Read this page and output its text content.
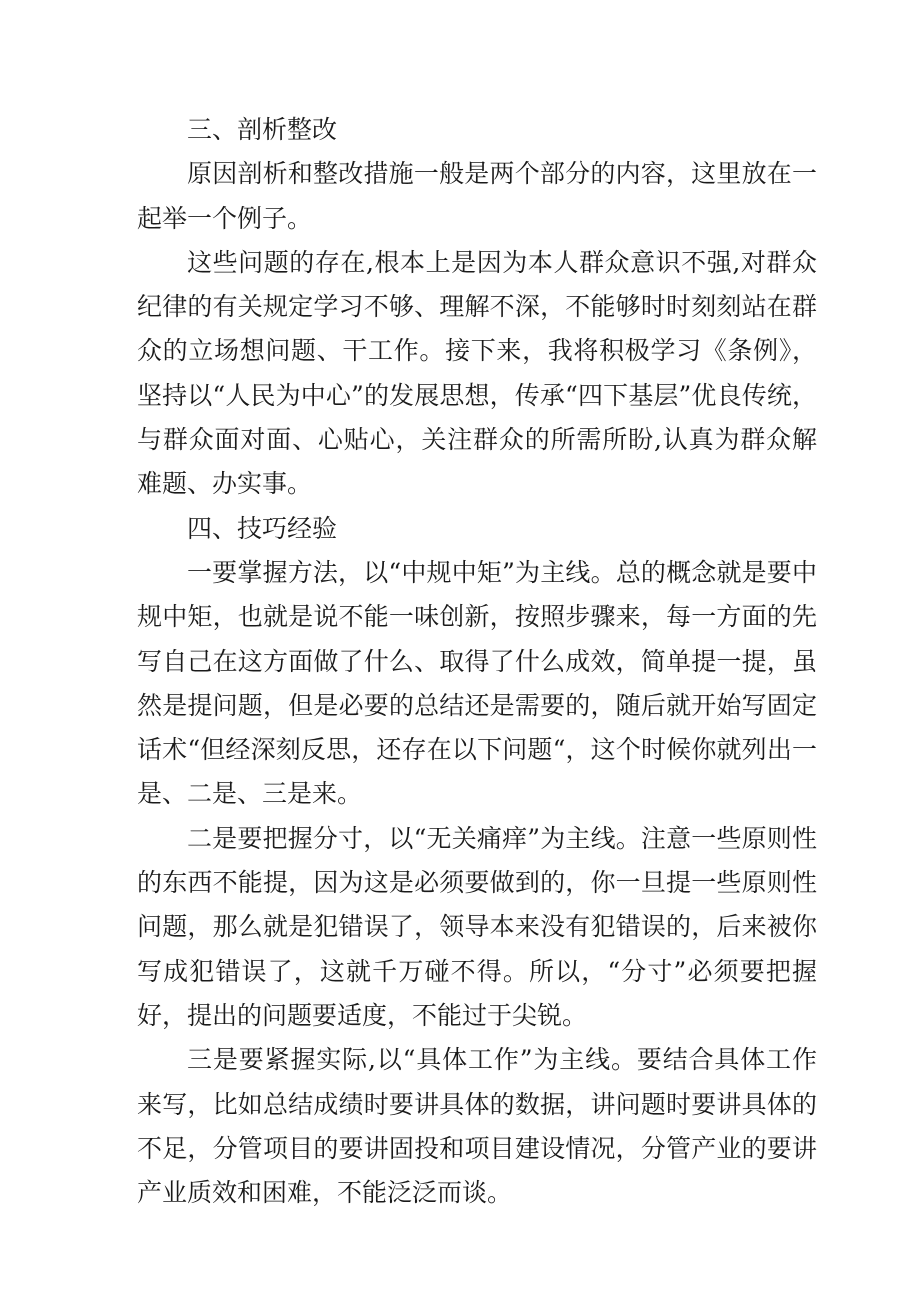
三、剖析整改

原因剖析和整改措施一般是两个部分的内容，这里放在一起举一个例子。

这些问题的存在,根本上是因为本人群众意识不强,对群众纪律的有关规定学习不够、理解不深，不能够时时刻刻站在群众的立场想问题、干工作。接下来，我将积极学习《条例》，坚持以“人民为中心”的发展思想，传承“四下基层”优良传统，与群众面对面、心贴心，关注群众的所需所盼,认真为群众解难题、办实事。

四、技巧经验

一要掌握方法，以“中规中矩”为主线。总的概念就是要中规中矩，也就是说不能一味创新，按照步骤来，每一方面的先写自己在这方面做了什么、取得了什么成效，简单提一提，虽然是提问题，但是必要的总结还是需要的，随后就开始写固定话术“但经深刻反思，还存在以下问题“，这个时候你就列出一是、二是、三是来。

二是要把握分寸，以“无关痛痒”为主线。注意一些原则性的东西不能提，因为这是必须要做到的，你一旦提一些原则性问题，那么就是犯错误了，领导本来没有犯错误的，后来被你写成犯错误了，这就千万碰不得。所以，“分寸”必须要把握好，提出的问题要适度，不能过于尖锐。

三是要紧握实际,以“具体工作”为主线。要结合具体工作来写，比如总结成绩时要讲具体的数据，讲问题时要讲具体的不足，分管项目的要讲固投和项目建设情况，分管产业的要讲产业质效和困难，不能泛泛而谈。
